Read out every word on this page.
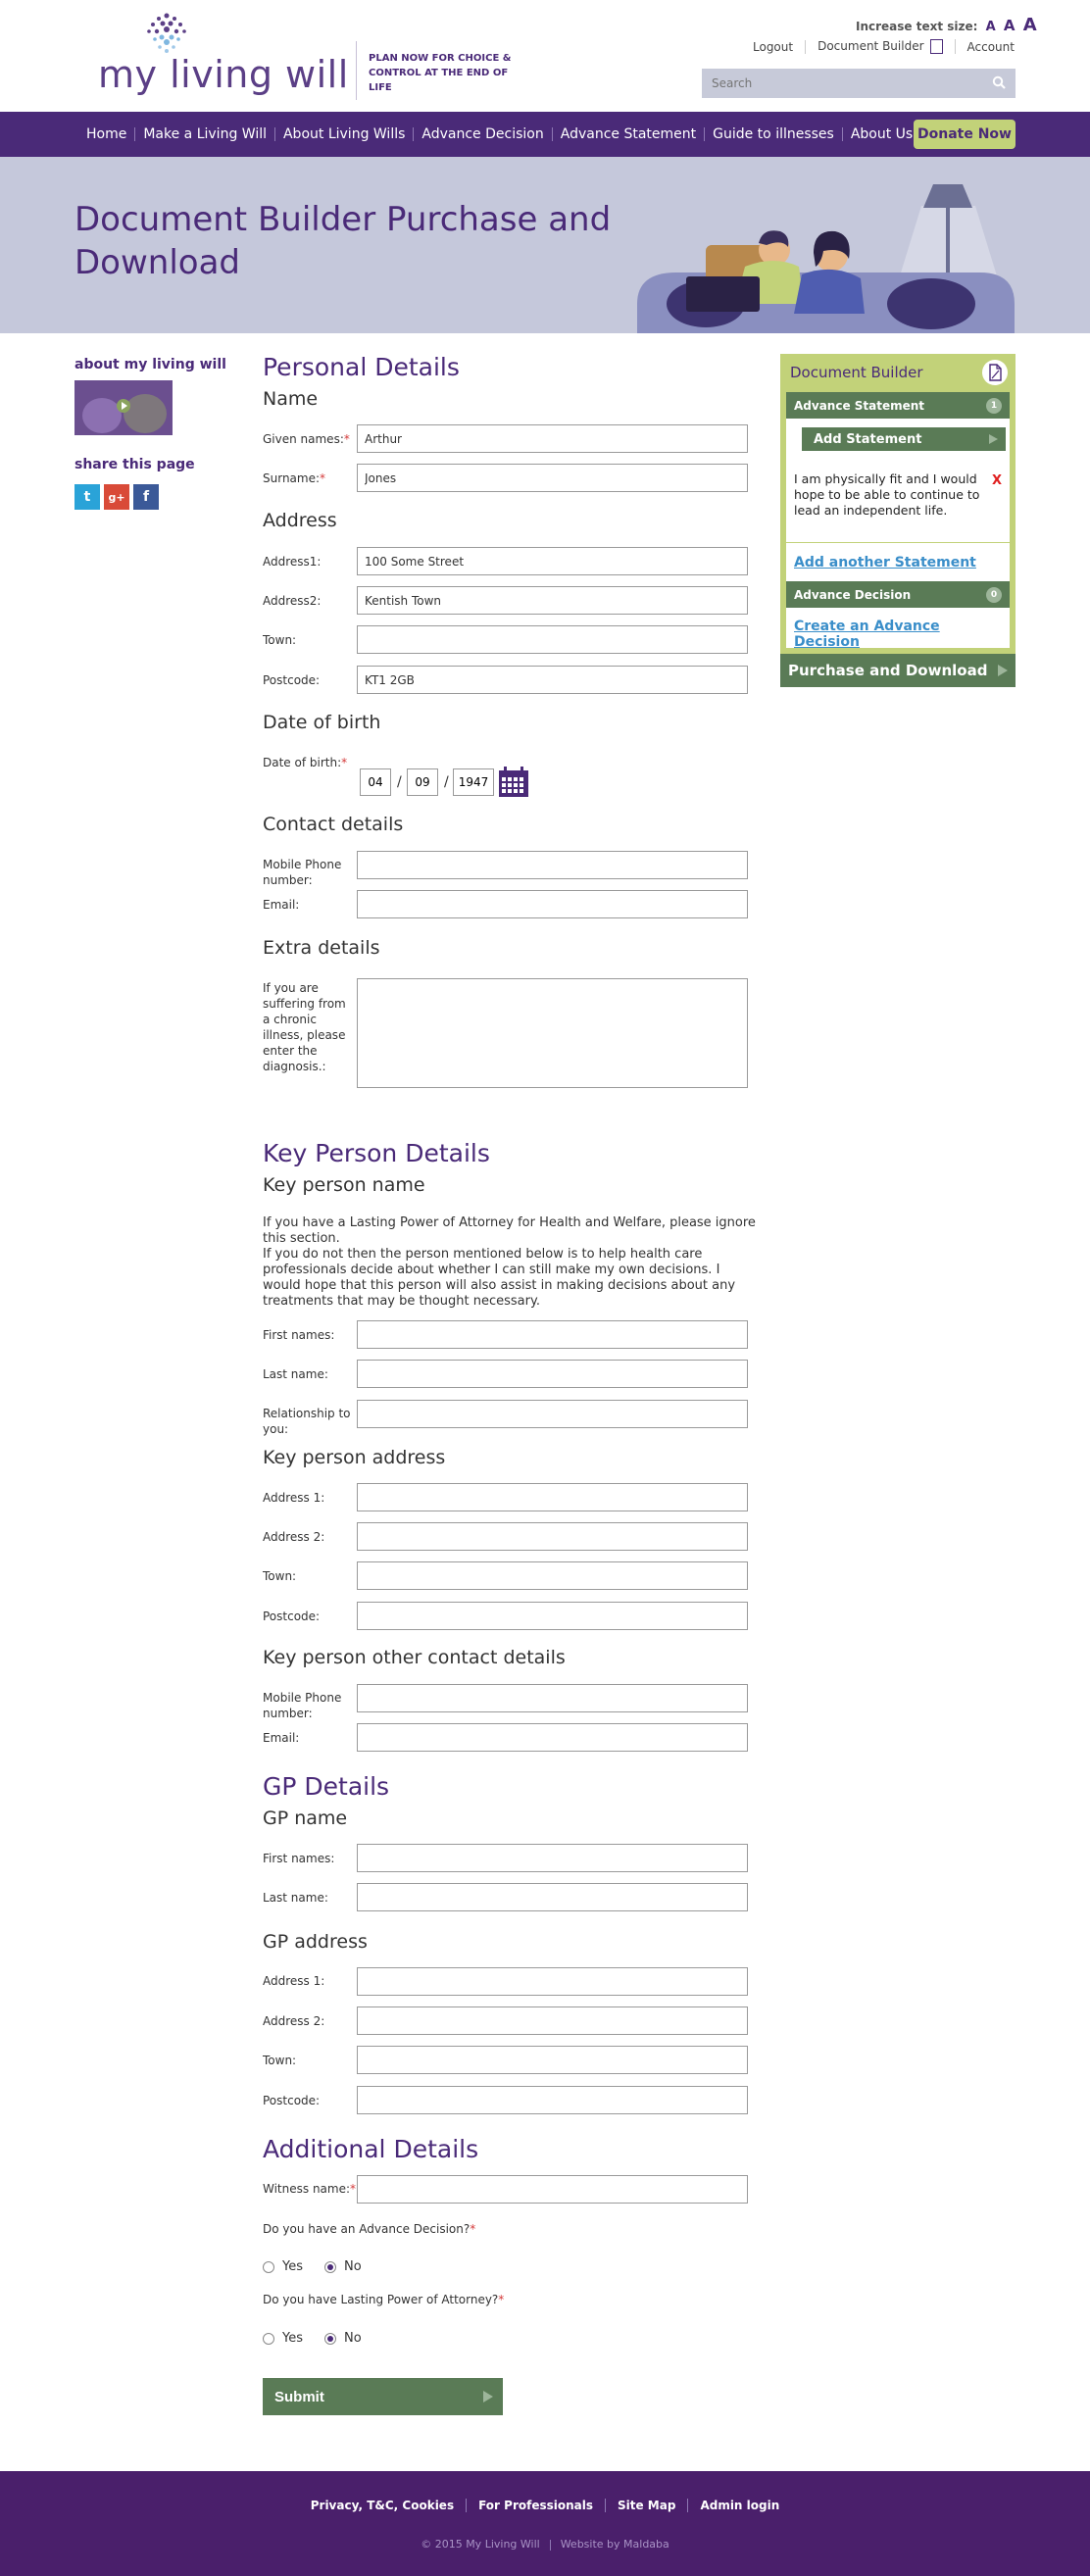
my living will PLAN NOW FOR CHOICE & CONTROL AT THE END OF LIFE
Increase text size: A A A
Logout	Document Builder	Account
Search
Home	Make a Living Will	About Living Wills	Advance Decision	Advance Statement	Guide to illnesses	About Us Donate Now
Document Builder Purchase and Download
about my living will
share this page
t	g+	f
Personal Details
Name
Given names:*
Arthur
Surname:*
Jones
Address
Address1:
100 Some Street
Address2:
Kentish Town
Town:
Postcode:
KT1 2GB
Date of birth
Date of birth:*
04
/
09	/
1947
Contact details
Mobile Phone number:
Email:
Extra details
If you are suffering from a chronic illness, please enter the diagnosis.:
Key Person Details
Key person name
If you have a Lasting Power of Attorney for Health and Welfare, please ignore this section.
If you do not then the person mentioned below is to help health care professionals decide about whether I can still make my own decisions. I would hope that this person will also assist in making decisions about any treatments that may be thought necessary.
First names:
Last name:
Relationship to you:
Key person address
Address 1:
Address 2:
Town:
Postcode:
Key person other contact details
Mobile Phone number:
Email:
GP Details
GP name
First names:
Last name:
GP address
Address 1:
Address 2:
Town:
Postcode:
Additional Details
Witness name:*
Do you have an Advance Decision?*
Yes	No
Do you have Lasting Power of Attorney?*
Yes	No
Submit
Document Builder
Advance Statement	1
Add Statement
I am physically fit and I would hope to be able to continue to lead an independent life.
X
Add another Statement
Advance Decision	0
Create an Advance Decision
Purchase and Download
Privacy, T&C, Cookies	For Professionals	Site Map	Admin login
© 2015 My Living Will Website by Maldaba
